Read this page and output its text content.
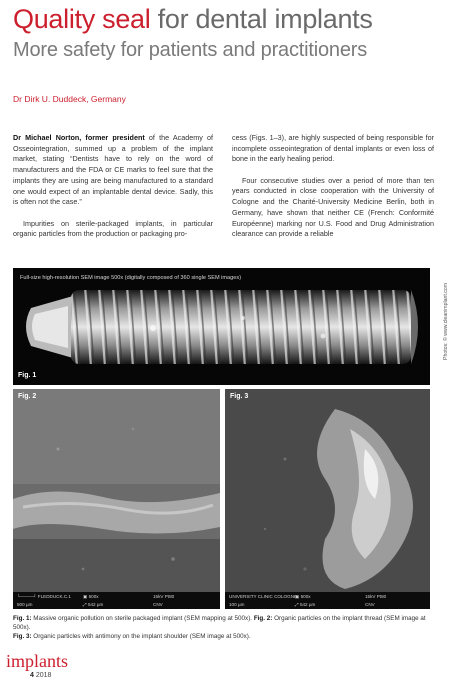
Quality seal for dental implants
More safety for patients and practitioners
Dr Dirk U. Duddeck, Germany

Dr Michael Norton, former president of the Academy of Osseointegration, summed up a problem of the implant market, stating “Dentists have to rely on the word of manufacturers and the FDA or CE marks to feel sure that the implants they are using are being manufactured to a standard one would expect of an implantable dental device. Sadly, this is often not the case.”

Impurities on sterile-packaged implants, in particular organic particles from the production or packaging pro-

cess (Figs. 1–3), are highly suspected of being responsible for incomplete osseointegration of dental implants or even loss of bone in the early healing period.

Four consecutive studies over a period of more than ten years conducted in close cooperation with the University of Cologne and the Charité-University Medicine Berlin, both in Germany, have shown that neither CE (French: Conformité Européenne) marking nor U.S. Food and Drug Administration clearance can provide a reliable

Full-size high-resolution SEM image 500x (digitally composed of 360 single SEM images)
Fig. 1
Photos: © www.cleanimplant.com
Fig. 2
└────┘ FLEDDUCK.C.1
500 µm
▣ 500x
⤢ 542 µm
15kV Pt80
CNV
Fig. 3
UNIVERSITY CLINIC COLOGNE
100 µm
▣ 500x
⤢ 542 µm
15kV Pt80
CNV
Fig. 1: Massive organic pollution on sterile packaged implant (SEM mapping at 500x). Fig. 2: Organic particles on the implant thread (SEM image at 500x).
Fig. 3: Organic particles with antimony on the implant shoulder (SEM image at 500x).
implants
4 2018
